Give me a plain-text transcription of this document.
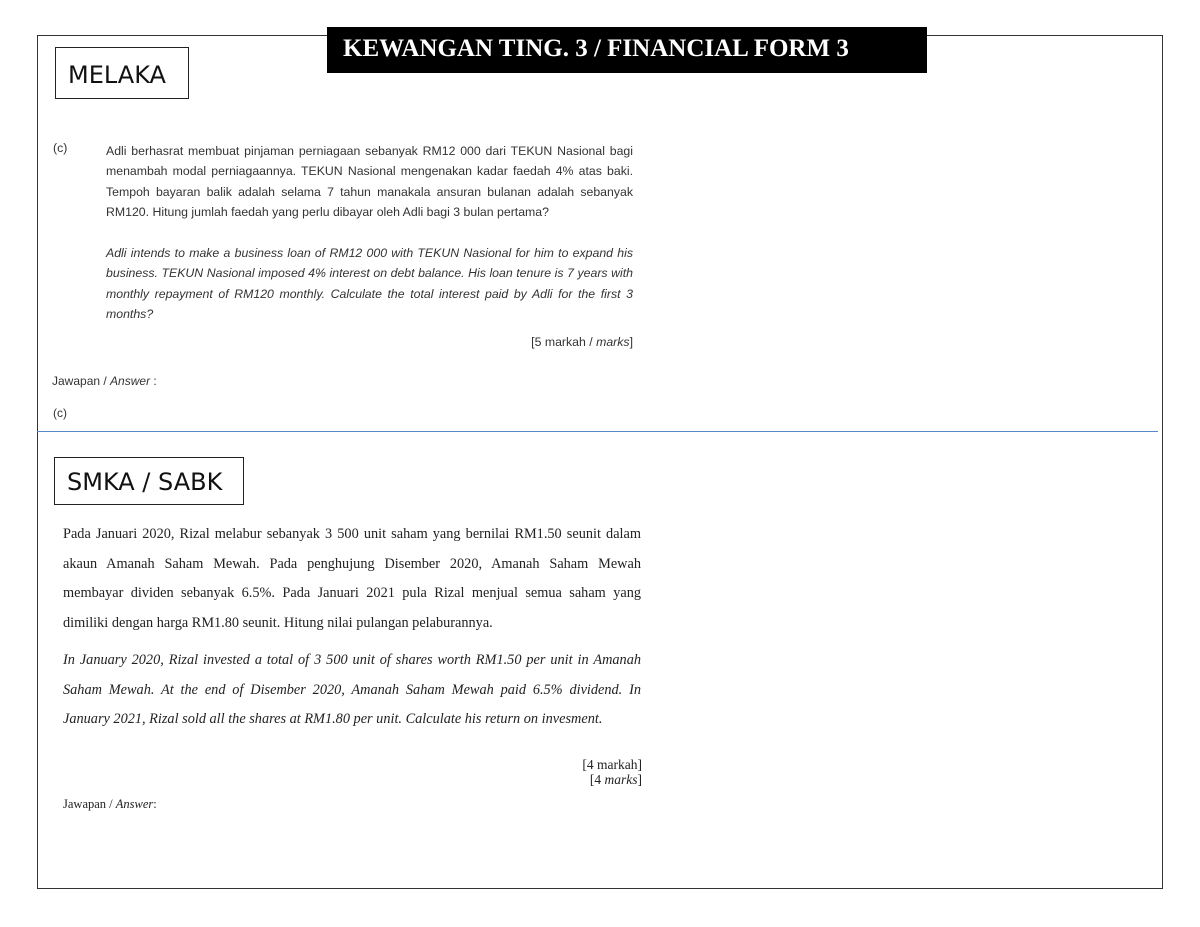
KEWANGAN TING. 3 / FINANCIAL FORM 3
MELAKA
(c)	Adli berhasrat membuat pinjaman perniagaan sebanyak RM12 000 dari TEKUN Nasional bagi menambah modal perniagaannya. TEKUN Nasional mengenakan kadar faedah 4% atas baki. Tempoh bayaran balik adalah selama 7 tahun manakala ansuran bulanan adalah sebanyak RM120. Hitung jumlah faedah yang perlu dibayar oleh Adli bagi 3 bulan pertama?
Adli intends to make a business loan of RM12 000 with TEKUN Nasional for him to expand his business. TEKUN Nasional imposed 4% interest on debt balance. His loan tenure is 7 years with monthly repayment of RM120 monthly. Calculate the total interest paid by Adli for the first 3 months?
[5 markah / marks]
Jawapan / Answer :
(c)
SMKA / SABK
Pada Januari 2020, Rizal melabur sebanyak 3 500 unit saham yang bernilai RM1.50 seunit dalam akaun Amanah Saham Mewah. Pada penghujung Disember 2020, Amanah Saham Mewah membayar dividen sebanyak 6.5%. Pada Januari 2021 pula Rizal menjual semua saham yang dimiliki dengan harga RM1.80 seunit. Hitung nilai pulangan pelaburannya.
In January 2020, Rizal invested a total of 3 500 unit of shares worth RM1.50 per unit in Amanah Saham Mewah. At the end of Disember 2020, Amanah Saham Mewah paid 6.5% dividend. In January 2021, Rizal sold all the shares at RM1.80 per unit. Calculate his return on invesment.
[4 markah]
[4 marks]
Jawapan / Answer:
